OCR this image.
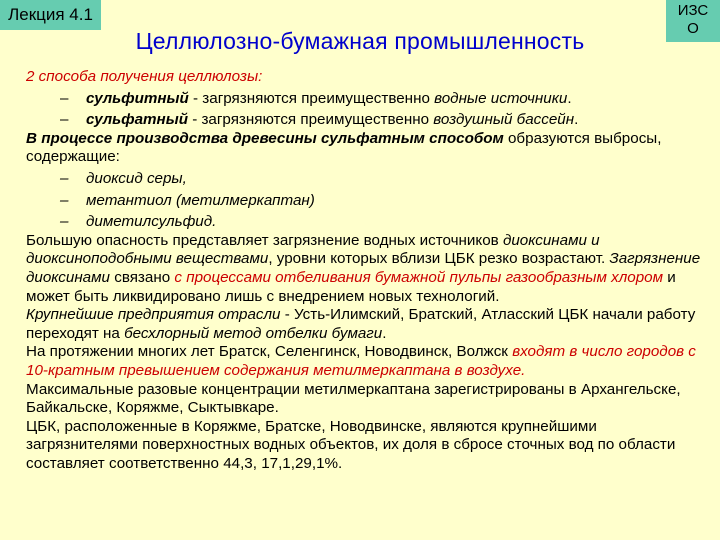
Лекция 4.1	ИЗС
О
Целлюлозно-бумажная промышленность

2 способа получения целлюлозы:

– сульфитный - загрязняются преимущественно водные источники.
– сульфатный - загрязняются преимущественно воздушный бассейн.

В процессе производства древесины сульфатным способом образуются выбросы, содержащие:

– диоксид серы,
– метантиол (метилмеркаптан)
– диметилсульфид.

Большую опасность представляет загрязнение водных источников диоксинами и диоксиноподобными веществами, уровни которых вблизи ЦБК резко возрастают. Загрязнение диоксинами связано с процессами отбеливания бумажной пульпы газообразным хлором и может быть ликвидировано лишь с внедрением новых технологий.

Крупнейшие предприятия отрасли - Усть-Илимский, Братский, Атласский ЦБК начали работу переходят на бесхлорный метод отбелки бумаги.

На протяжении многих лет Братск, Селенгинск, Новодвинск, Волжск входят в число городов с 10-кратным превышением содержания метилмеркаптана в воздухе.

Максимальные разовые концентрации метилмеркаптана зарегистрированы в Архангельске, Байкальске, Коряжме, Сыктывкаре.

ЦБК, расположенные в Коряжме, Братске, Новодвинске, являются крупнейшими загрязнителями поверхностных водных объектов, их доля в сбросе сточных вод по области составляет соответственно 44,3, 17,1,29,1%.
